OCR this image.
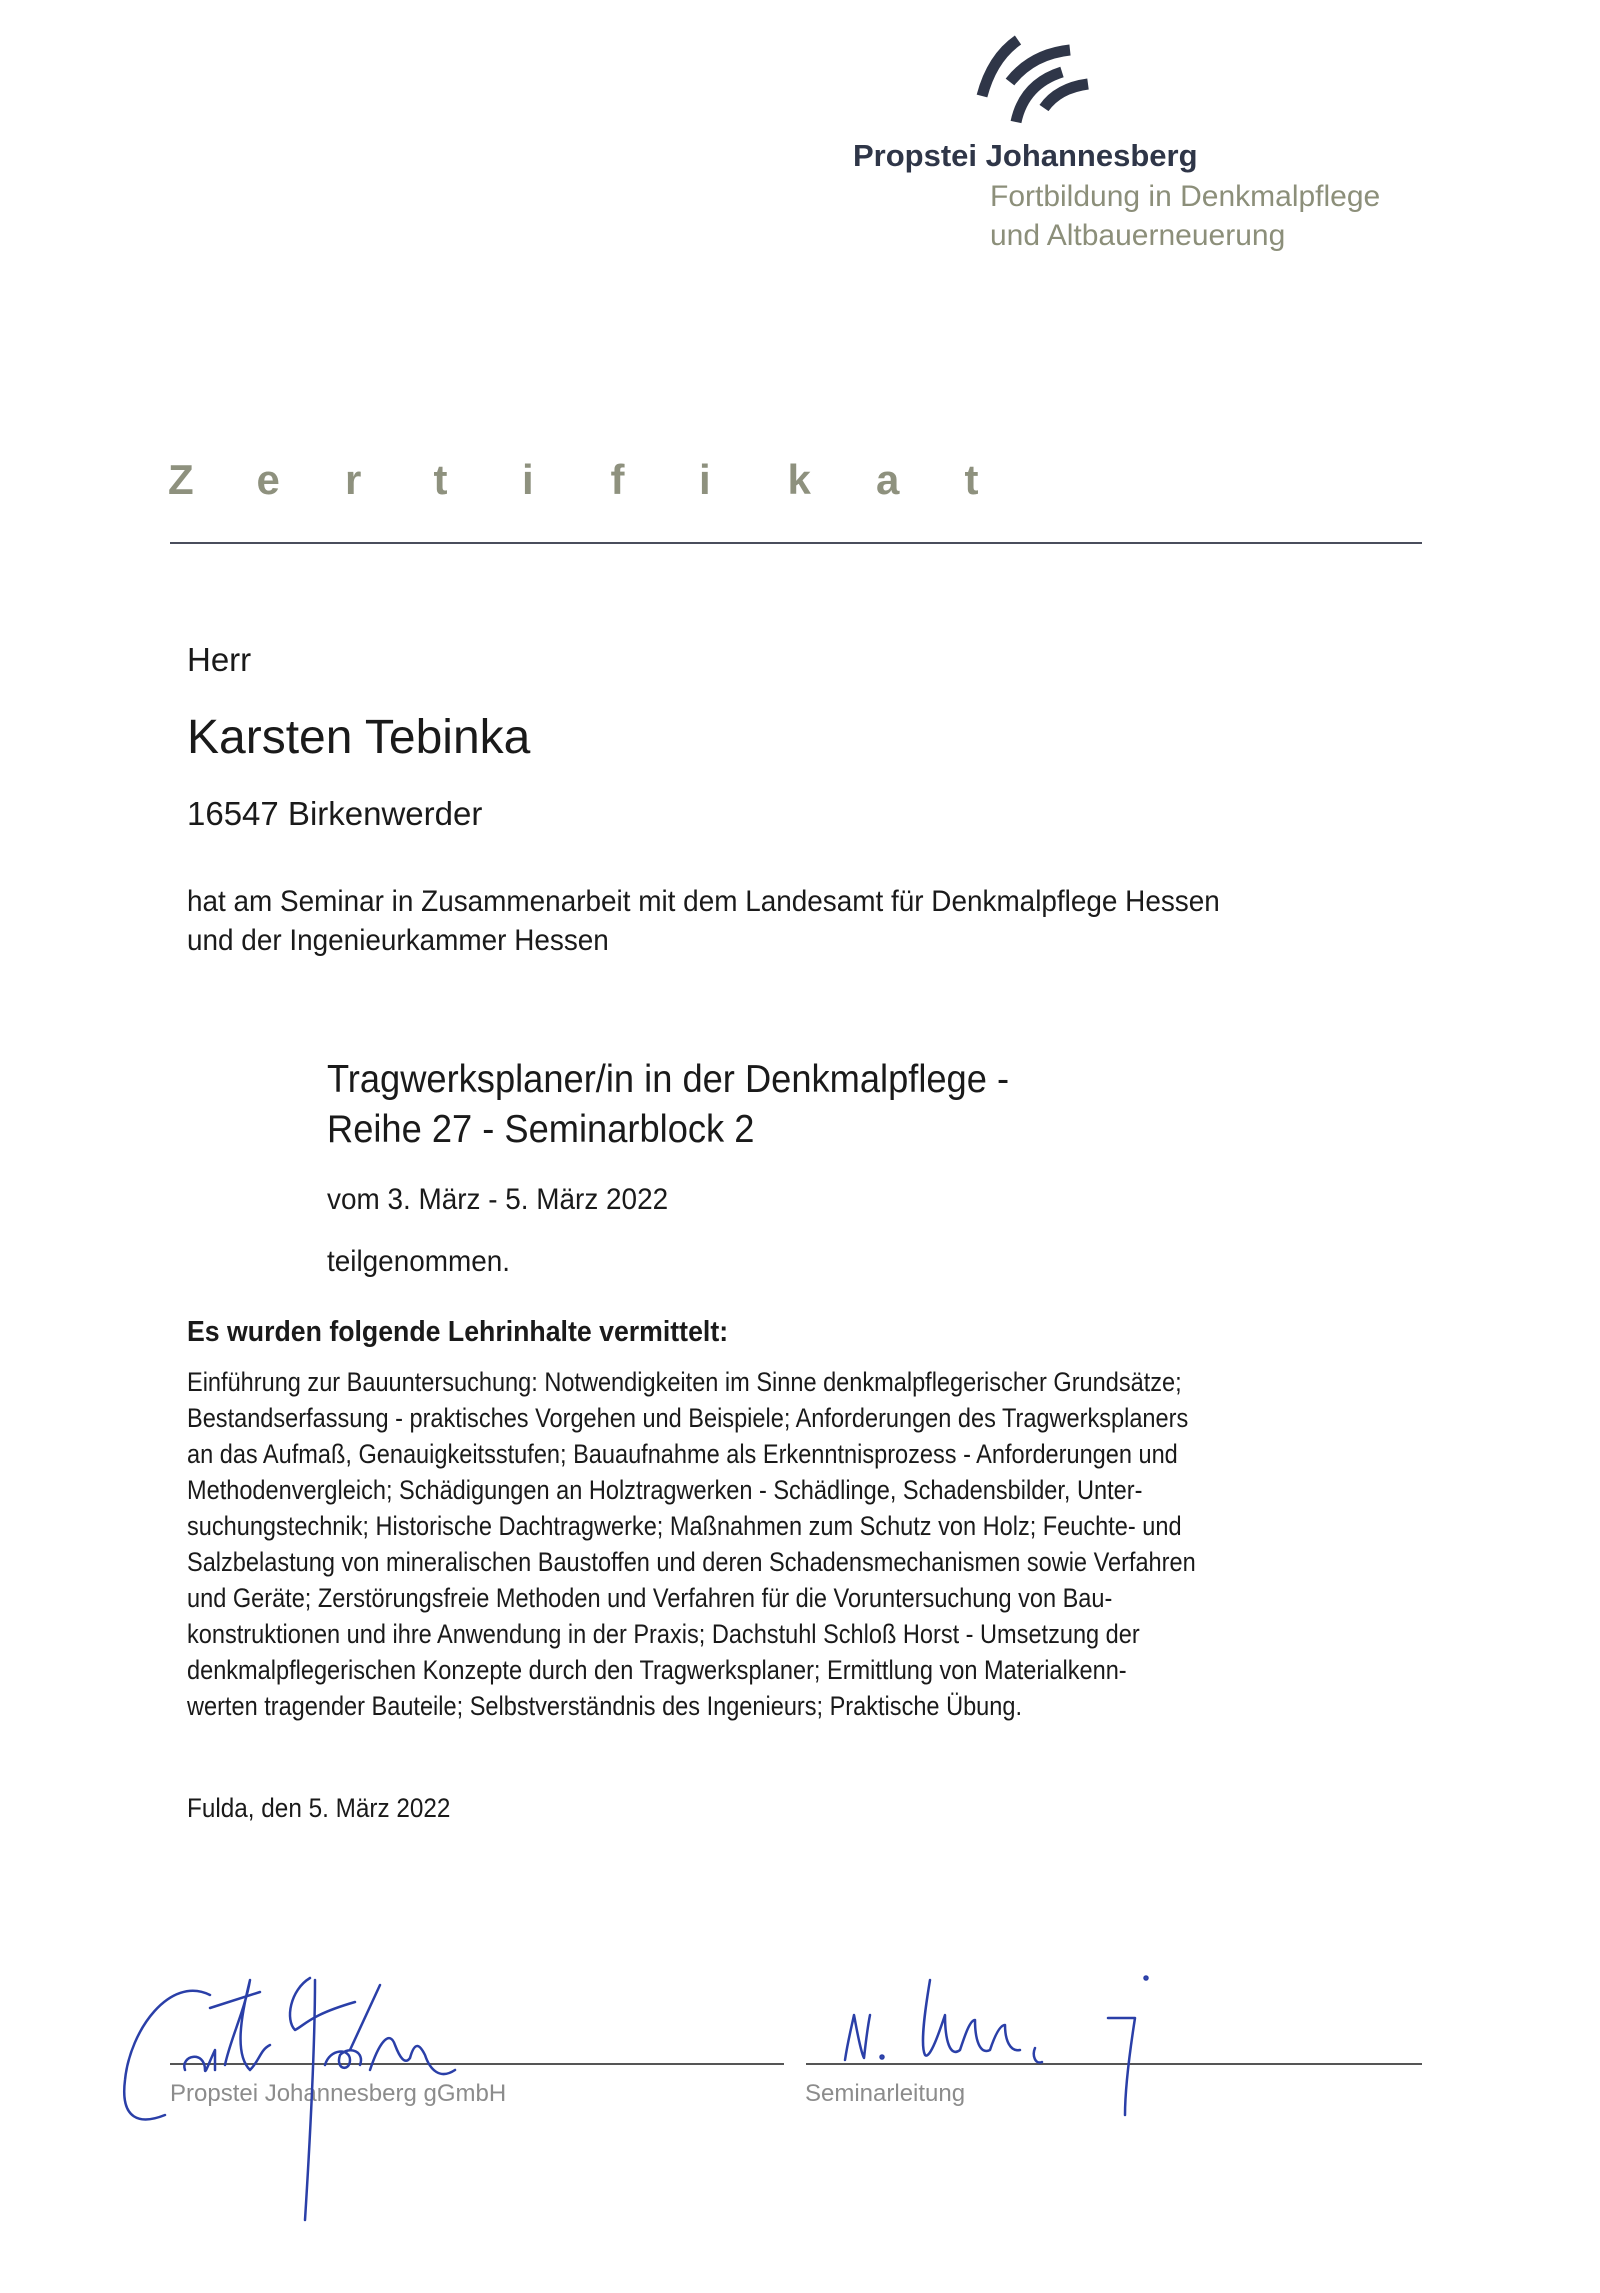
Propstei Johannesberg
Fortbildung in Denkmalpflege
und Altbauerneuerung
Z e r t i f i k a t
Herr
Karsten Tebinka
16547 Birkenwerder
hat am Seminar in Zusammenarbeit mit dem Landesamt für Denkmalpflege Hessen
und der Ingenieurkammer Hessen
Tragwerksplaner/in in der Denkmalpflege -
Reihe 27 - Seminarblock 2
vom 3. März - 5. März 2022
teilgenommen.
Es wurden folgende Lehrinhalte vermittelt:
Einführung zur Bauuntersuchung: Notwendigkeiten im Sinne denkmalpflegerischer Grundsätze;
Bestandserfassung - praktisches Vorgehen und Beispiele; Anforderungen des Tragwerksplaners
an das Aufmaß, Genauigkeitsstufen; Bauaufnahme als Erkenntnisprozess - Anforderungen und
Methodenvergleich; Schädigungen an Holztragwerken - Schädlinge, Schadensbilder, Unter-
suchungstechnik; Historische Dachtragwerke; Maßnahmen zum Schutz von Holz; Feuchte- und
Salzbelastung von mineralischen Baustoffen und deren Schadensmechanismen sowie Verfahren
und Geräte; Zerstörungsfreie Methoden und Verfahren für die Voruntersuchung von Bau-
konstruktionen und ihre Anwendung in der Praxis; Dachstuhl Schloß Horst - Umsetzung der
denkmalpflegerischen Konzepte durch den Tragwerksplaner; Ermittlung von Materialkenn-
werten tragender Bauteile; Selbstverständnis des Ingenieurs; Praktische Übung.
Fulda, den 5. März 2022
Propstei Johannesberg gGmbH	Seminarleitung
